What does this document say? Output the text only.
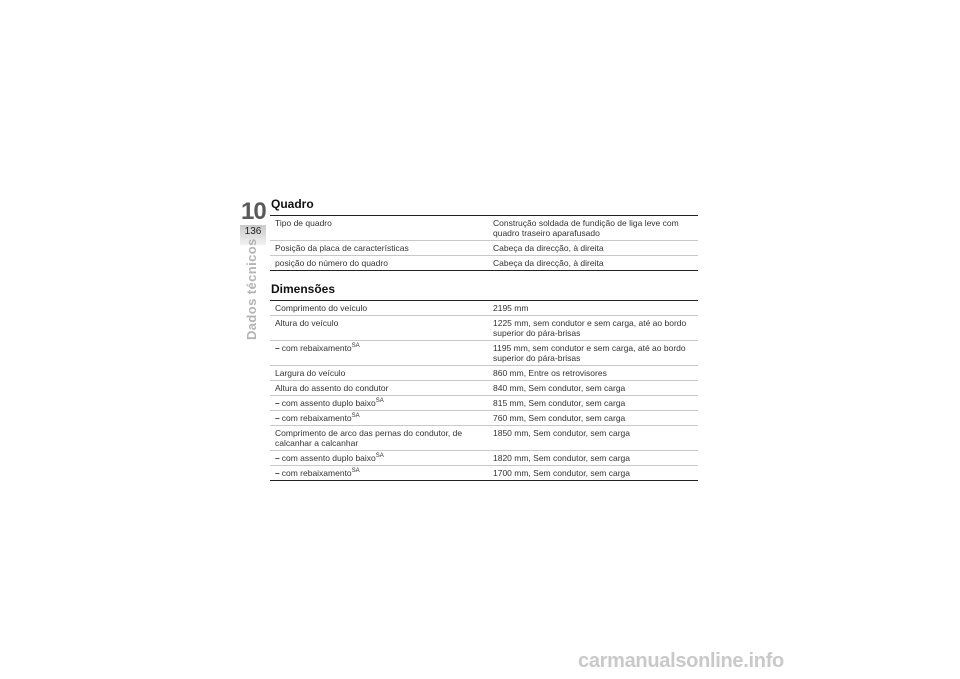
10
136
Dados técnicos
Quadro
Tipo de quadro	Construção soldada de fundição de liga leve com quadro traseiro aparafusado
Posição da placa de características	Cabeça da direcção, à direita
posição do número do quadro	Cabeça da direcção, à direita
Dimensões
Comprimento do veículo	2195 mm
Altura do veículo	1225 mm, sem condutor e sem carga, até ao bordo superior do pára-brisas
– com rebaixamento$^{SA}$	1195 mm, sem condutor e sem carga, até ao bordo superior do pára-brisas
Largura do veículo	860 mm, Entre os retrovisores
Altura do assento do condutor	840 mm, Sem condutor, sem carga
– com assento duplo baixo$^{SA}$	815 mm, Sem condutor, sem carga
– com rebaixamento$^{SA}$	760 mm, Sem condutor, sem carga
Comprimento de arco das pernas do condutor, de calcanhar a calcanhar	1850 mm, Sem condutor, sem carga
– com assento duplo baixo$^{SA}$	1820 mm, Sem condutor, sem carga
– com rebaixamento$^{SA}$	1700 mm, Sem condutor, sem carga
carmanualsonline.info
